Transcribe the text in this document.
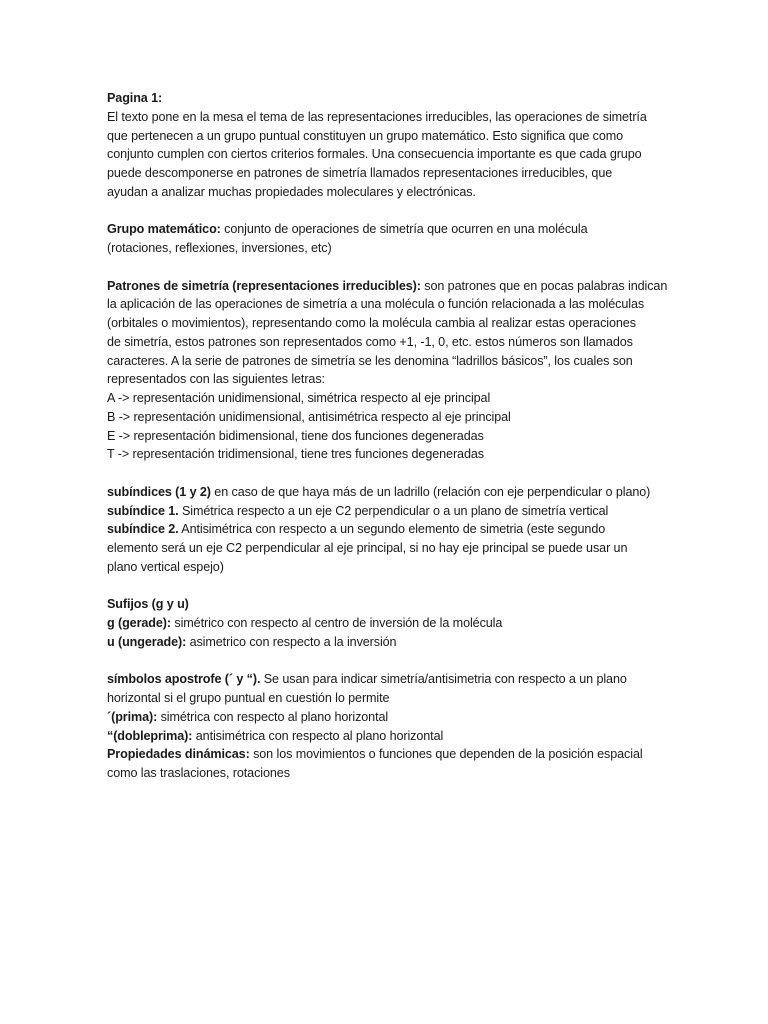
Pagina 1:
El texto pone en la mesa el tema de las representaciones irreducibles, las operaciones de simetría
que pertenecen a un grupo puntual constituyen un grupo matemático. Esto significa que como
conjunto cumplen con ciertos criterios formales. Una consecuencia importante es que cada grupo
puede descomponerse en patrones de simetría llamados representaciones irreducibles, que
ayudan a analizar muchas propiedades moleculares y electrónicas.
Grupo matemático: conjunto de operaciones de simetría que ocurren en una molécula
(rotaciones, reflexiones, inversiones, etc)
Patrones de simetría (representaciones irreducibles): son patrones que en pocas palabras indican
la aplicación de las operaciones de simetría a una molécula o función relacionada a las moléculas
(orbitales o movimientos), representando como la molécula cambia al realizar estas operaciones
de simetría, estos patrones son representados como +1, -1, 0, etc. estos números son llamados
caracteres. A la serie de patrones de simetría se les denomina “ladrillos básicos”, los cuales son
representados con las siguientes letras:
A -> representación unidimensional, simétrica respecto al eje principal
B -> representación unidimensional, antisimétrica respecto al eje principal
E -> representación bidimensional, tiene dos funciones degeneradas
T -> representación tridimensional, tiene tres funciones degeneradas
subíndices (1 y 2) en caso de que haya más de un ladrillo (relación con eje perpendicular o plano)
subíndice 1. Simétrica respecto a un eje C2 perpendicular o a un plano de simetría vertical
subíndice 2. Antisimétrica con respecto a un segundo elemento de simetria (este segundo
elemento será un eje C2 perpendicular al eje principal, si no hay eje principal se puede usar un
plano vertical espejo)
Sufijos (g y u)
g (gerade): simétrico con respecto al centro de inversión de la molécula
u (ungerade): asimetrico con respecto a la inversión
símbolos apostrofe (´ y “). Se usan para indicar simetría/antisimetria con respecto a un plano
horizontal si el grupo puntual en cuestión lo permite
´(prima): simétrica con respecto al plano horizontal
“(dobleprima): antisimétrica con respecto al plano horizontal
Propiedades dinámicas: son los movimientos o funciones que dependen de la posición espacial
como las traslaciones, rotaciones
